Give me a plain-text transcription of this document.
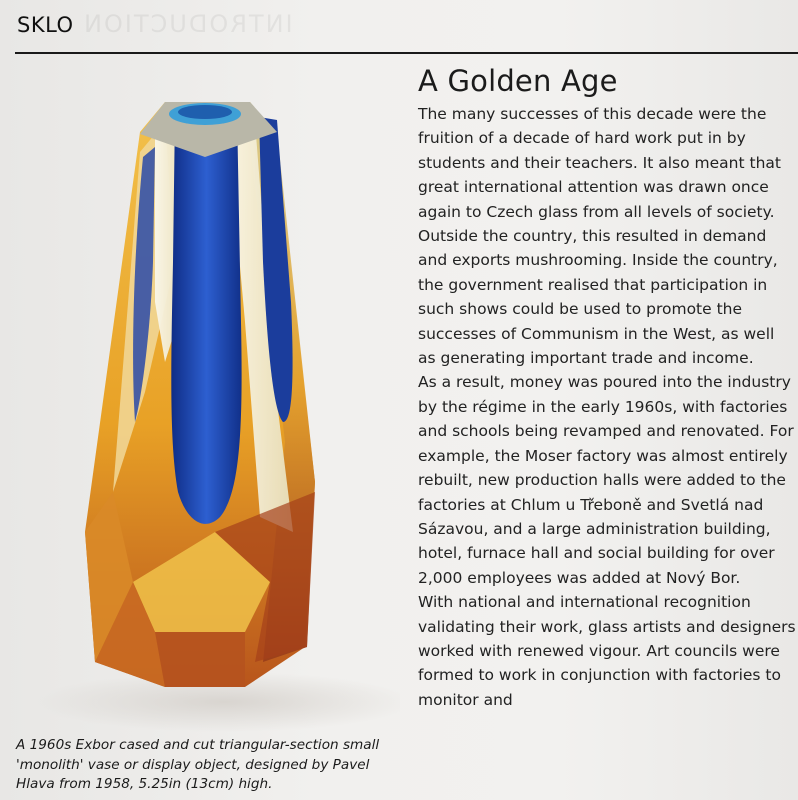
SKLO INTRODUCTION
A 1960s Exbor cased and cut triangular-section small 'monolith' vase or display object, designed by Pavel Hlava from 1958, 5.25in (13cm) high.
A Golden Age

The many successes of this decade were the fruition of a decade of hard work put in by students and their teachers. It also meant that great international attention was drawn once again to Czech glass from all levels of society. Outside the country, this resulted in demand and exports mushrooming. Inside the country, the government realised that participation in such shows could be used to promote the successes of Communism in the West, as well as generating important trade and income.

As a result, money was poured into the industry by the régime in the early 1960s, with factories and schools being revamped and renovated. For example, the Moser factory was almost entirely rebuilt, new production halls were added to the factories at Chlum u Třeboně and Svetlá nad Sázavou, and a large administration building, hotel, furnace hall and social building for over 2,000 employees was added at Nový Bor.

With national and international recognition validating their work, glass artists and designers worked with renewed vigour. Art councils were formed to work in conjunction with factories to monitor and
